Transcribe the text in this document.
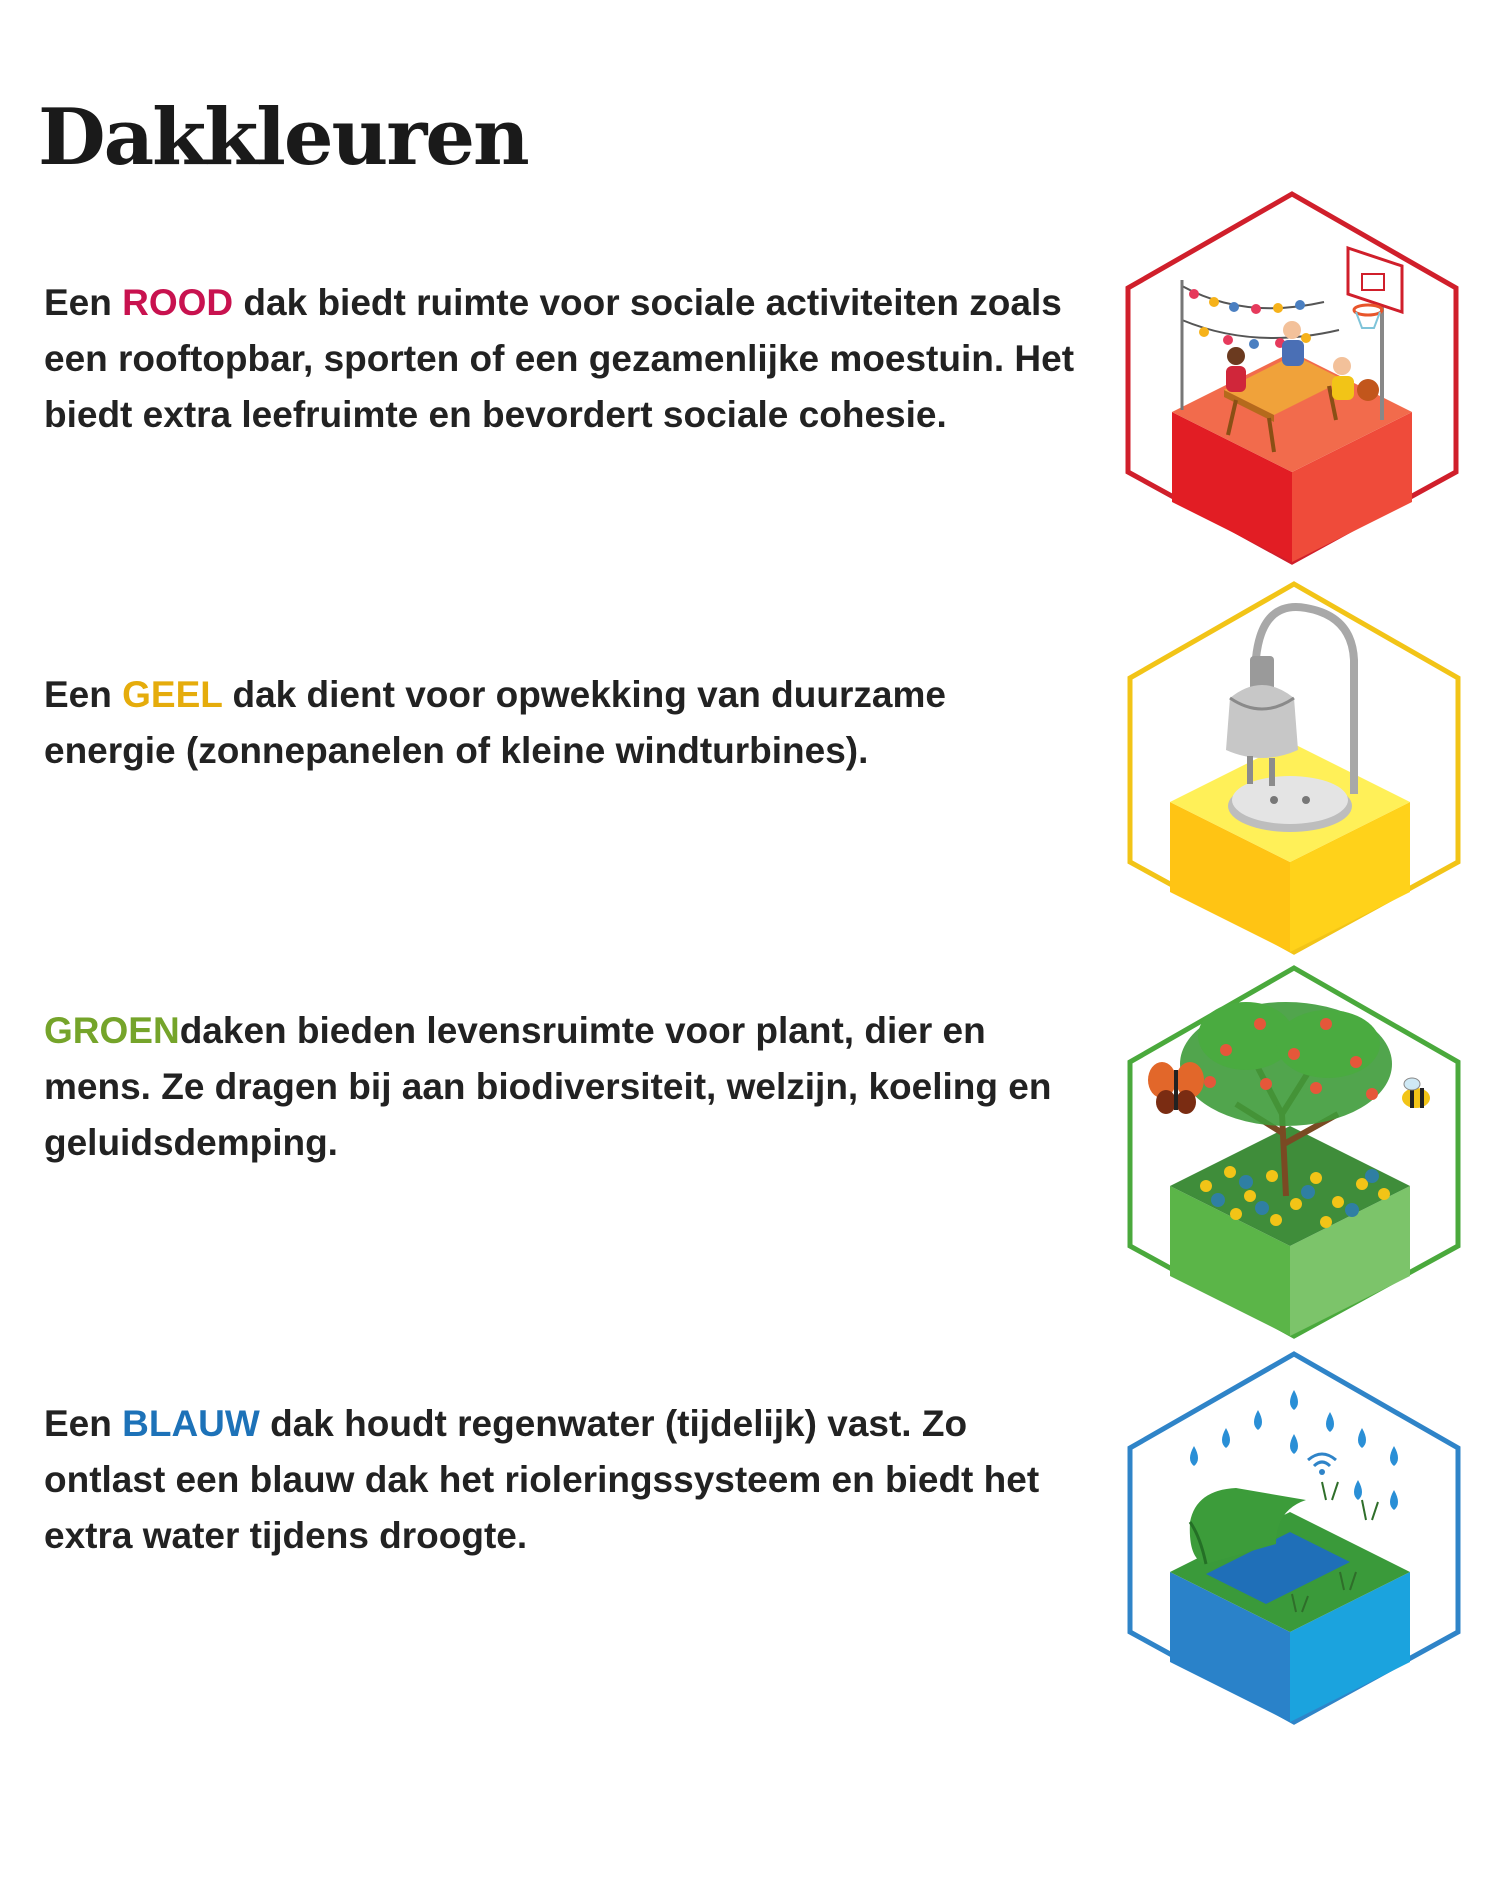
Dakkleuren

Een ROOD dak biedt ruimte voor sociale activiteiten zoals een rooftopbar, sporten of een gezamenlijke moestuin. Het biedt extra leefruimte en bevordert sociale cohesie.

Een GEEL dak dient voor opwekking van duurzame energie (zonnepanelen of kleine windturbines).

GROENdaken bieden levensruimte voor plant, dier en mens. Ze dragen bij aan biodiversiteit, welzijn, koeling en geluidsdemping.

Een BLAUW dak houdt regenwater (tijdelijk) vast. Zo ontlast een blauw dak het rioleringssysteem en biedt het extra water tijdens droogte.
